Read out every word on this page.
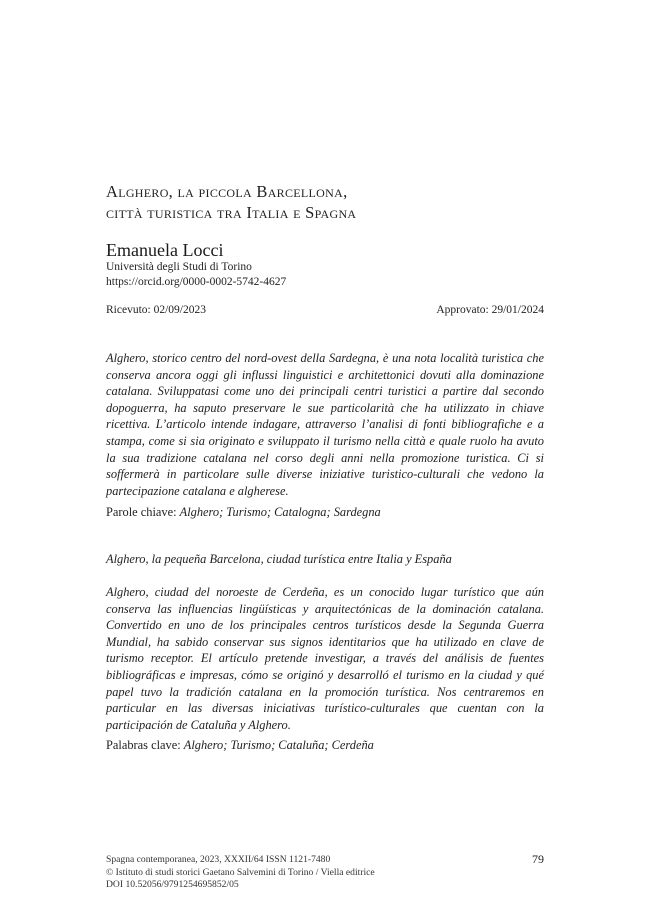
Alghero, la piccola Barcellona,
città turistica tra Italia e Spagna
Emanuela Locci
Università degli Studi di Torino
https://orcid.org/0000-0002-5742-4627
Ricevuto: 02/09/2023	Approvato: 29/01/2024

Alghero, storico centro del nord-ovest della Sardegna, è una nota località turistica che conserva ancora oggi gli influssi linguistici e architettonici dovuti alla dominazione catalana. Sviluppatasi come uno dei principali centri turistici a partire dal secondo dopoguerra, ha saputo preservare le sue particolarità che ha utilizzato in chiave ricettiva. L’articolo intende indagare, attraverso l’analisi di fonti bibliografiche e a stampa, come si sia originato e sviluppato il turismo nella città e quale ruolo ha avuto la sua tradizione catalana nel corso degli anni nella promozione turistica. Ci si soffermerà in particolare sulle diverse iniziative turistico-culturali che vedono la partecipazione catalana e algherese.

Parole chiave: Alghero; Turismo; Catalogna; Sardegna
Alghero, la pequeña Barcelona, ciudad turística entre Italia y España

Alghero, ciudad del noroeste de Cerdeña, es un conocido lugar turístico que aún conserva las influencias lingüísticas y arquitectónicas de la dominación catalana. Convertido en uno de los principales centros turísticos desde la Segunda Guerra Mundial, ha sabido conservar sus signos identitarios que ha utilizado en clave de turismo receptor. El artículo pretende investigar, a través del análisis de fuentes bibliográficas e impresas, cómo se originó y desarrolló el turismo en la ciudad y qué papel tuvo la tradición catalana en la promoción turística. Nos centraremos en particular en las diversas iniciativas turístico-culturales que cuentan con la participación de Cataluña y Alghero.

Palabras clave: Alghero; Turismo; Cataluña; Cerdeña
Spagna contemporanea, 2023, XXXII/64 ISSN 1121-7480
© Istituto di studi storici Gaetano Salvemini di Torino / Viella editrice
DOI 10.52056/9791254695852/05
79
